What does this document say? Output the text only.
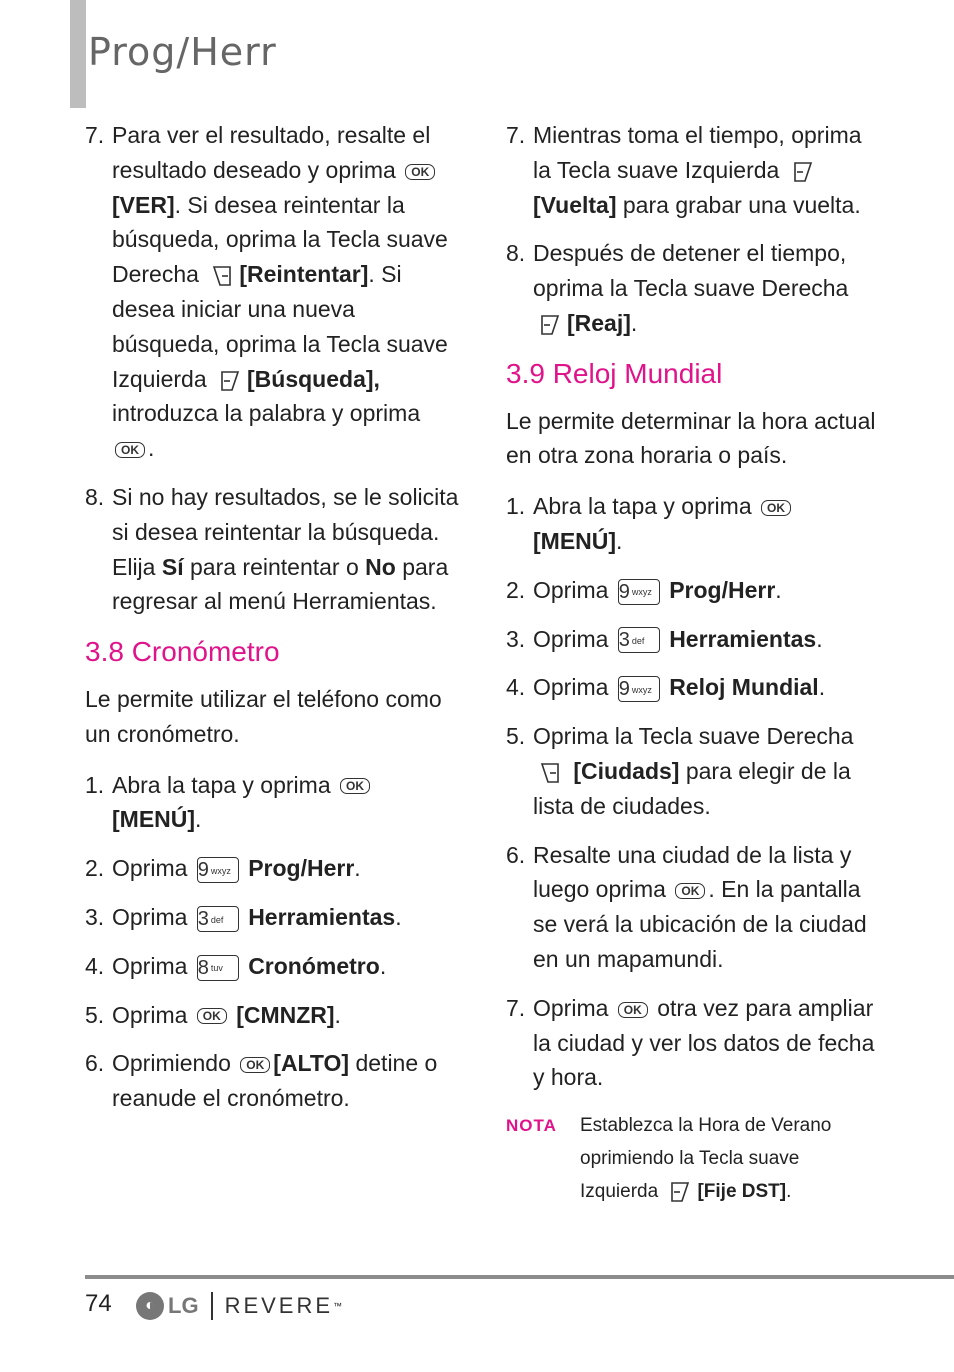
Prog/Herr
7. Para ver el resultado, resalte el resultado deseado y oprima OK [VER]. Si desea reintentar la búsqueda, oprima la Tecla suave Derecha [Reintentar]. Si desea iniciar una nueva búsqueda, oprima la Tecla suave Izquierda [Búsqueda], introduzca la palabra y oprima
OK .

8. Si no hay resultados, se le solicita si desea reintentar la búsqueda. Elija Sí para reintentar o No para regresar al menú Herramientas.

3.8 Cronómetro

Le permite utilizar el teléfono como un cronómetro.

1. Abra la tapa y oprima OK
[MENÚ].

2. Oprima 9 wxyz Prog/Herr.

3. Oprima 3 def Herramientas.

4. Oprima 8 tuv Cronómetro.

5. Oprima OK [CMNZR].

6. Oprimiendo OK [ALTO] detine o reanude el cronómetro.

7. Mientras toma el tiempo, oprima la Tecla suave Izquierda [Vuelta] para grabar una vuelta.

8. Después de detener el tiempo, oprima la Tecla suave Derecha [Reaj].

3.9 Reloj Mundial

Le permite determinar la hora actual en otra zona horaria o país.

1. Abra la tapa y oprima OK
[MENÚ].

2. Oprima 9 wxyz Prog/Herr.

3. Oprima 3 def Herramientas.

4. Oprima 9 wxyz Reloj Mundial.

5. Oprima la Tecla suave Derecha
[Ciudads] para elegir de la lista de ciudades.

6. Resalte una ciudad de la lista y luego oprima OK . En la pantalla se verá la ubicación de la ciudad en un mapamundi.

7. Oprima OK otra vez para ampliar la ciudad y ver los datos de fecha y hora.

NOTA Establezca la Hora de Verano oprimiendo la Tecla suave Izquierda [Fije DST].
74	◐ LG REVERE ™
